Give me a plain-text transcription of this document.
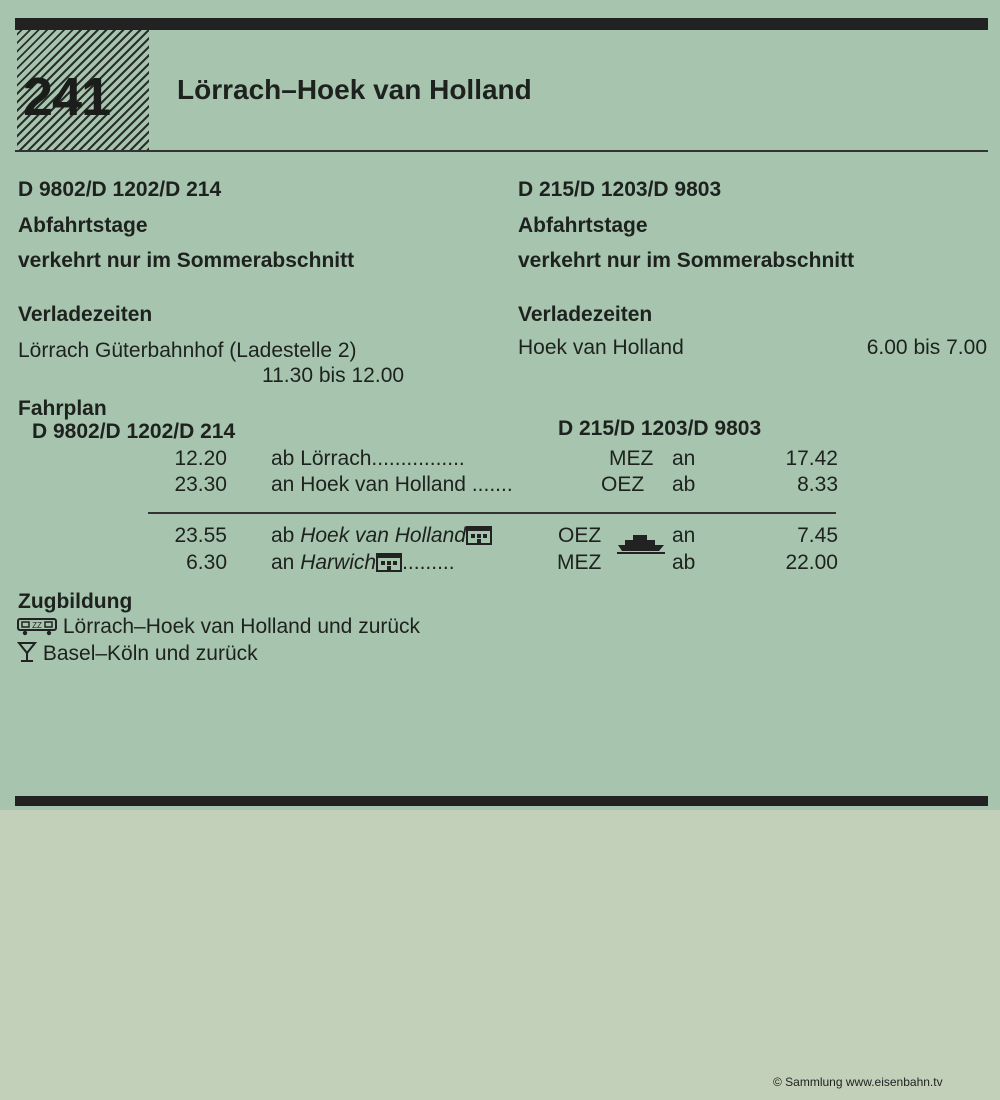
241 Lörrach–Hoek van Holland

D 9802/D 1202/D 214

Abfahrtstage

verkehrt nur im Sommerabschnitt

Verladezeiten

Lörrach Güterbahnhof (Ladestelle 2)

11.30 bis 12.00

D 215/D 1203/D 9803

Abfahrtstage

verkehrt nur im Sommerabschnitt

Verladezeiten

Hoek van Holland	6.00 bis 7.00

Fahrplan

D 9802/D 1202/D 214	D 215/D 1203/D 9803

12.20 ab Lörrach................	MEZ an	17.42

23.30 an Hoek van Holland .......	OEZ ab	8.33

23.55 ab Hoek van Holland	OEZ	an	7.45

6.30 an Harwich .........	MEZ	ab	22.00

Zugbildung

ZZ Lörrach–Hoek van Holland und zurück

Basel–Köln und zurück

© Sammlung www.eisenbahn.tv
